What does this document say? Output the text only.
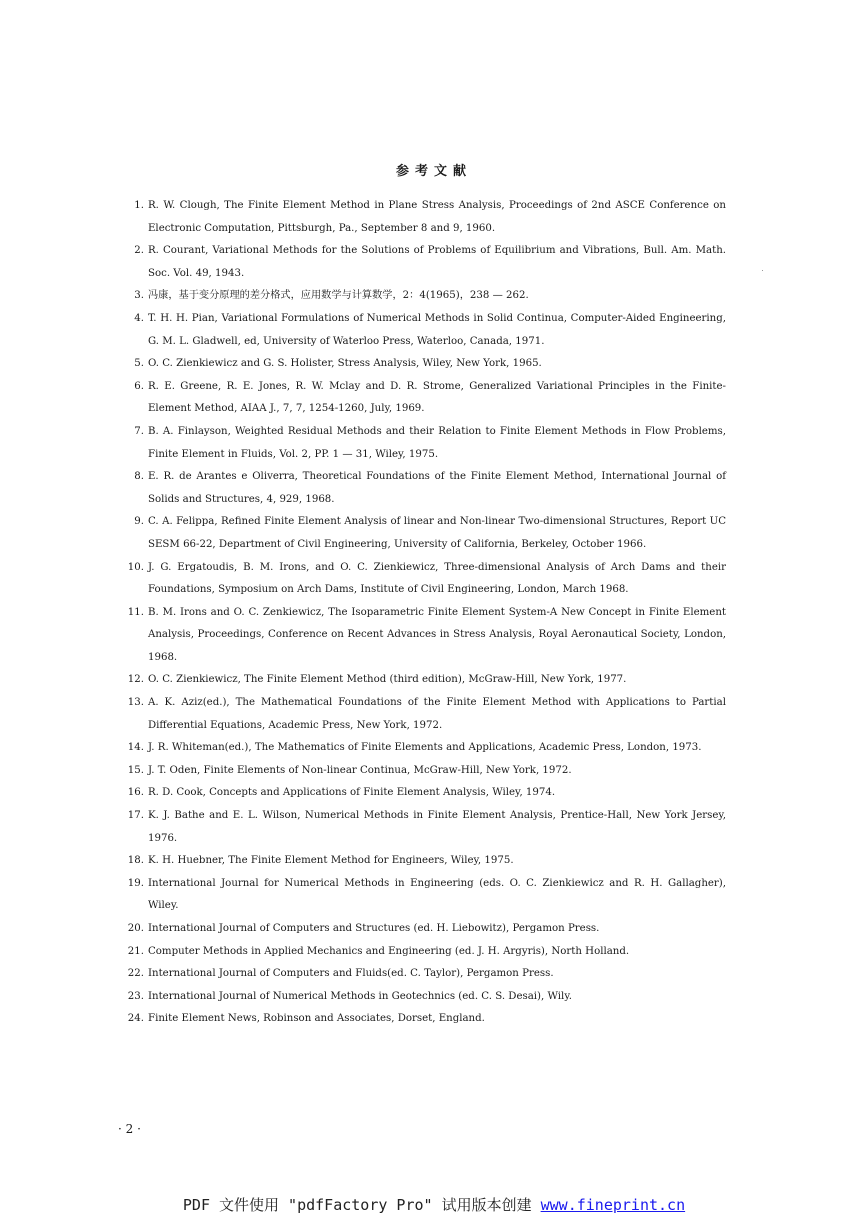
参考文献
1. R. W. Clough, The Finite Element Method in Plane Stress Analysis, Proceedings of 2nd ASCE Conference on Electronic Computation, Pittsburgh, Pa., September 8 and 9, 1960.
2. R. Courant, Variational Methods for the Solutions of Problems of Equilibrium and Vibrations, Bull. Am. Math. Soc. Vol. 49, 1943.
3. 冯康，基于变分原理的差分格式，应用数学与计算数学，2：4(1965)，238 — 262.
4. T. H. H. Pian, Variational Formulations of Numerical Methods in Solid Continua, Computer-Aided Engineering, G. M. L. Gladwell, ed, University of Waterloo Press, Waterloo, Canada, 1971.
5. O. C. Zienkiewicz and G. S. Holister, Stress Analysis, Wiley, New York, 1965.
6. R. E. Greene, R. E. Jones, R. W. Mclay and D. R. Strome, Generalized Variational Principles in the Finite-Element Method, AIAA J., 7, 7, 1254-1260, July, 1969.
7. B. A. Finlayson, Weighted Residual Methods and their Relation to Finite Element Methods in Flow Problems, Finite Element in Fluids, Vol. 2, PP. 1 — 31, Wiley, 1975.
8. E. R. de Arantes e Oliverra, Theoretical Foundations of the Finite Element Method, International Journal of Solids and Structures, 4, 929, 1968.
9. C. A. Felippa, Refined Finite Element Analysis of linear and Non-linear Two-dimensional Structures, Report UC SESM 66-22, Department of Civil Engineering, University of California, Berkeley, October 1966.
10. J. G. Ergatoudis, B. M. Irons, and O. C. Zienkiewicz, Three-dimensional Analysis of Arch Dams and their Foundations, Symposium on Arch Dams, Institute of Civil Engineering, London, March 1968.
11. B. M. Irons and O. C. Zenkiewicz, The Isoparametric Finite Element System-A New Concept in Finite Element Analysis, Proceedings, Conference on Recent Advances in Stress Analysis, Royal Aeronautical Society, London, 1968.
12. O. C. Zienkiewicz, The Finite Element Method (third edition), McGraw-Hill, New York, 1977.
13. A. K. Aziz(ed.), The Mathematical Foundations of the Finite Element Method with Applications to Partial Differential Equations, Academic Press, New York, 1972.
14. J. R. Whiteman(ed.), The Mathematics of Finite Elements and Applications, Academic Press, London, 1973.
15. J. T. Oden, Finite Elements of Non-linear Continua, McGraw-Hill, New York, 1972.
16. R. D. Cook, Concepts and Applications of Finite Element Analysis, Wiley, 1974.
17. K. J. Bathe and E. L. Wilson, Numerical Methods in Finite Element Analysis, Prentice-Hall, New York Jersey, 1976.
18. K. H. Huebner, The Finite Element Method for Engineers, Wiley, 1975.
19. International Journal for Numerical Methods in Engineering (eds. O. C. Zienkiewicz and R. H. Gallagher), Wiley.
20. International Journal of Computers and Structures (ed. H. Liebowitz), Pergamon Press.
21. Computer Methods in Applied Mechanics and Engineering (ed. J. H. Argyris), North Holland.
22. International Journal of Computers and Fluids(ed. C. Taylor), Pergamon Press.
23. International Journal of Numerical Methods in Geotechnics (ed. C. S. Desai), Wily.
24. Finite Element News, Robinson and Associates, Dorset, England.
· 2 ·
PDF 文件使用 "pdfFactory Pro" 试用版本创建 www.fineprint.cn
